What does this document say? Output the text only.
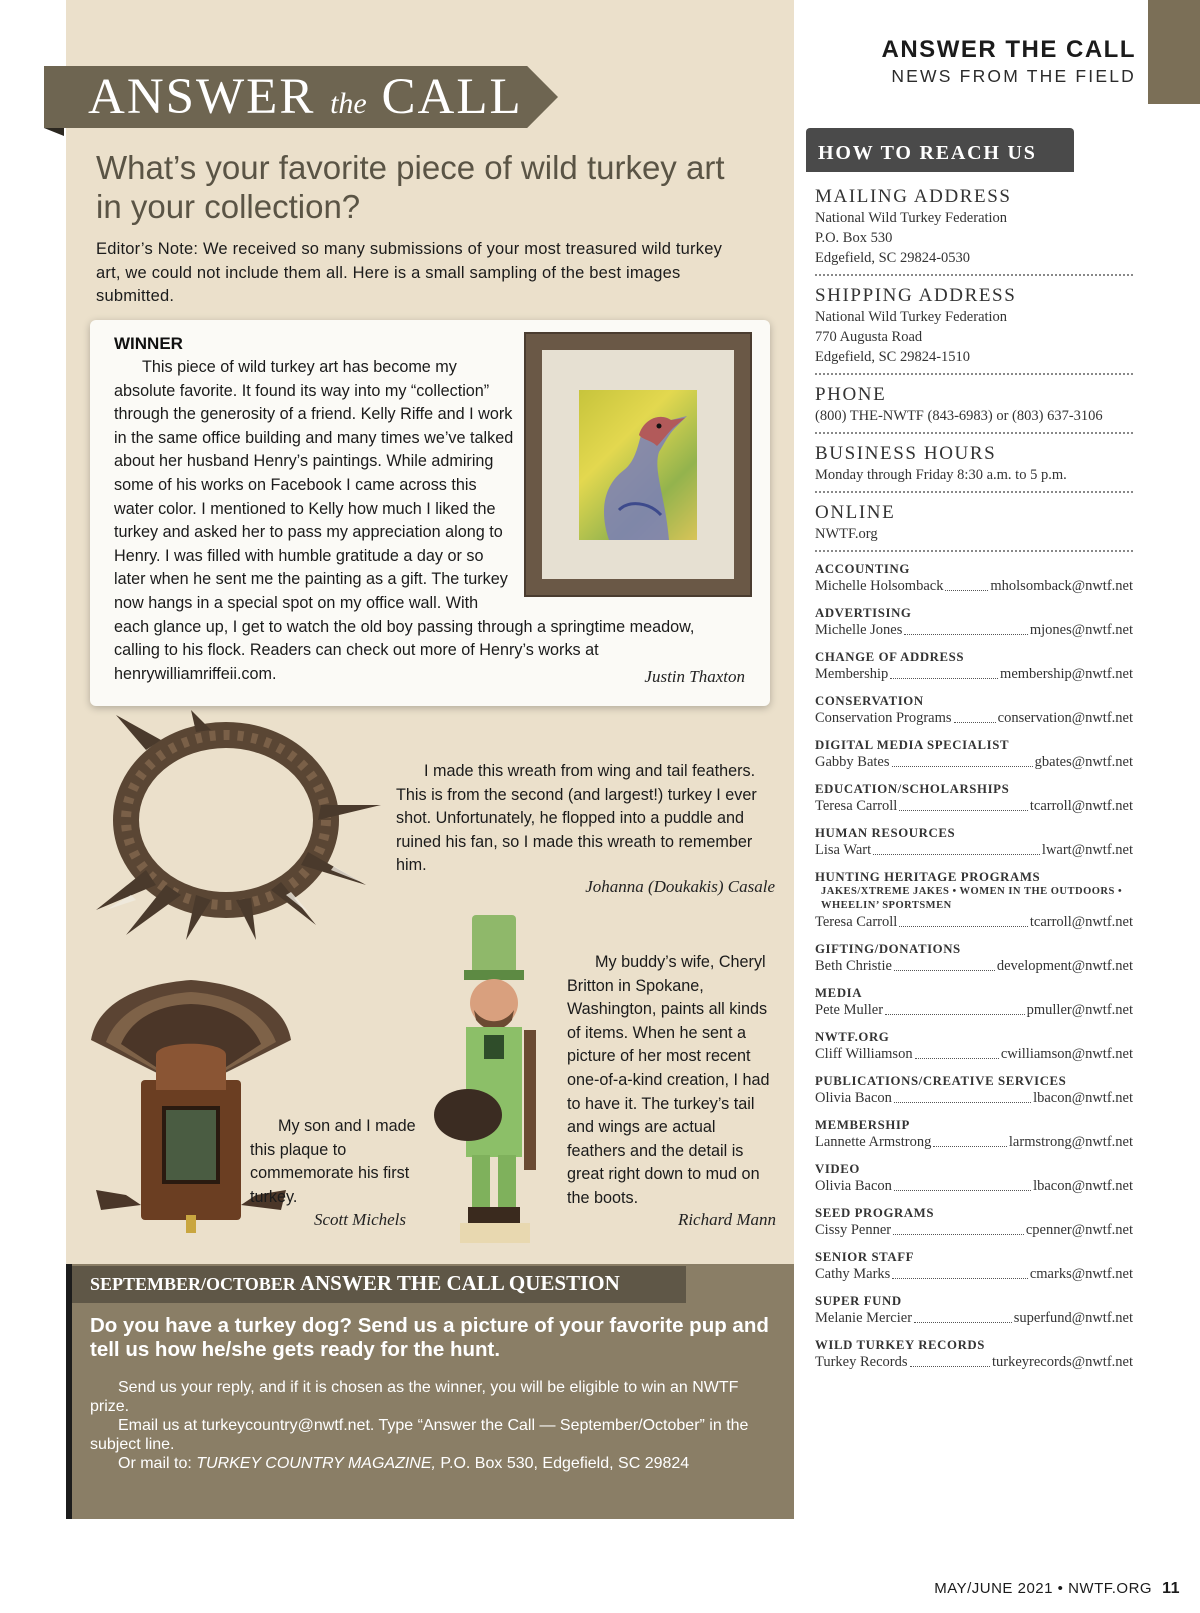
ANSWER the CALL
What’s your favorite piece of wild turkey art in your collection?
Editor’s Note: We received so many submissions of your most treasured wild turkey art, we could not include them all. Here is a small sampling of the best images submitted.
WINNER

This piece of wild turkey art has become my absolute favorite. It found its way into my “collection” through the generosity of a friend. Kelly Riffe and I work in the same office building and many times we’ve talked about her husband Henry’s paintings. While admiring some of his works on Facebook I came across this water color. I mentioned to Kelly how much I liked the turkey and asked her to pass my appreciation along to Henry. I was filled with humble gratitude a day or so later when he sent me the painting as a gift. The turkey now hangs in a special spot on my office wall. With each glance up, I get to watch the old boy passing through a springtime meadow, calling to his flock. Readers can check out more of Henry’s works at henrywilliamriffeii.com.	Justin Thaxton
I made this wreath from wing and tail feathers. This is from the second (and largest!) turkey I ever shot. Unfortunately, he flopped into a puddle and ruined his fan, so I made this wreath to remember him.
Johanna (Doukakis) Casale
My son and I made this plaque to commemorate his first turkey.
Scott Michels
My buddy’s wife, Cheryl Britton in Spokane, Washington, paints all kinds of items. When he sent a picture of her most recent one-of-a-kind creation, I had to have it. The turkey’s tail and wings are actual feathers and the detail is great right down to mud on the boots.
Richard Mann
SEPTEMBER/OCTOBER ANSWER THE CALL QUESTION
Do you have a turkey dog? Send us a picture of your favorite pup and tell us how he/she gets ready for the hunt.

Send us your reply, and if it is chosen as the winner, you will be eligible to win an NWTF prize.

Email us at turkeycountry@nwtf.net. Type “Answer the Call — September/October” in the subject line.

Or mail to: TURKEY COUNTRY MAGAZINE, P.O. Box 530, Edgefield, SC 29824

ANSWER THE CALL
NEWS FROM THE FIELD
HOW TO REACH US
MAILING ADDRESS
National Wild Turkey Federation
P.O. Box 530
Edgefield, SC 29824-0530
SHIPPING ADDRESS
National Wild Turkey Federation
770 Augusta Road
Edgefield, SC 29824-1510
PHONE
(800) THE-NWTF (843-6983) or (803) 637-3106
BUSINESS HOURS
Monday through Friday 8:30 a.m. to 5 p.m.
ONLINE
NWTF.org
ACCOUNTING
Michelle Holsomback	mholsomback@nwtf.net
ADVERTISING
Michelle Jones	mjones@nwtf.net
CHANGE OF ADDRESS
Membership	membership@nwtf.net
CONSERVATION
Conservation Programs	conservation@nwtf.net
DIGITAL MEDIA SPECIALIST
Gabby Bates	gbates@nwtf.net
EDUCATION/SCHOLARSHIPS
Teresa Carroll	tcarroll@nwtf.net
HUMAN RESOURCES
Lisa Wart	lwart@nwtf.net
HUNTING HERITAGE PROGRAMS
JAKES/XTREME JAKES • WOMEN IN THE OUTDOORS • WHEELIN’ SPORTSMEN
Teresa Carroll	tcarroll@nwtf.net
GIFTING/DONATIONS
Beth Christie	development@nwtf.net
MEDIA
Pete Muller	pmuller@nwtf.net
NWTF.ORG
Cliff Williamson	cwilliamson@nwtf.net
PUBLICATIONS/CREATIVE SERVICES
Olivia Bacon	lbacon@nwtf.net
MEMBERSHIP
Lannette Armstrong	larmstrong@nwtf.net
VIDEO
Olivia Bacon	lbacon@nwtf.net
SEED PROGRAMS
Cissy Penner	cpenner@nwtf.net
SENIOR STAFF
Cathy Marks	cmarks@nwtf.net
SUPER FUND
Melanie Mercier	superfund@nwtf.net
WILD TURKEY RECORDS
Turkey Records	turkeyrecords@nwtf.net
MAY/JUNE 2021 • NWTF.ORG 11
